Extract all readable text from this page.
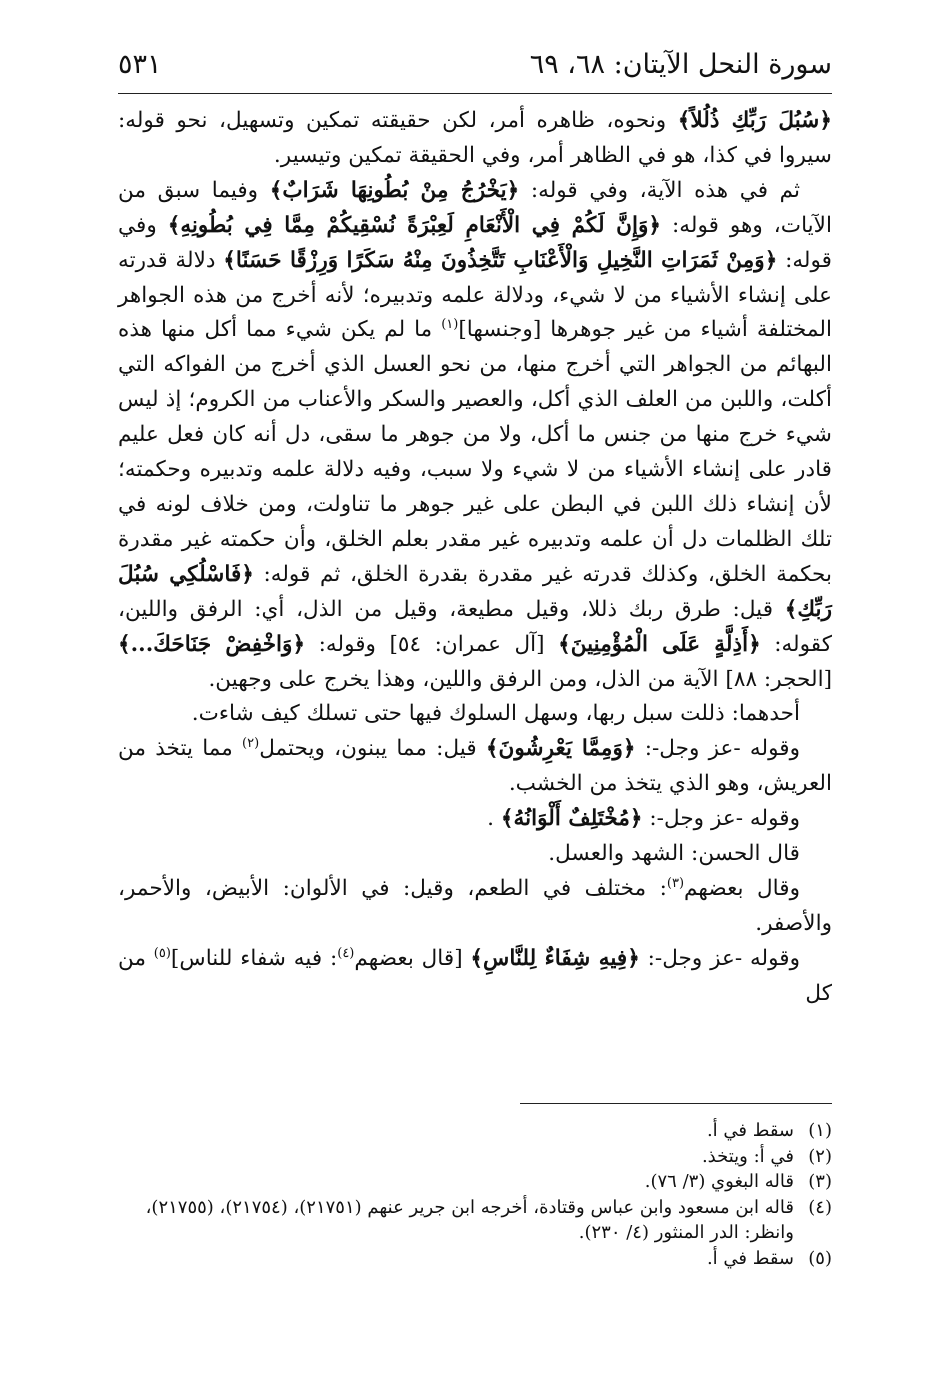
سورة النحل الآيتان: ٦٨، ٦٩
٥٣١

﴿سُبُلَ رَبِّكِ ذُلُلاً﴾ ونحوه، ظاهره أمر، لكن حقيقته تمكين وتسهيل، نحو قوله: سيروا في كذا، هو في الظاهر أمر، وفي الحقيقة تمكين وتيسير.

ثم في هذه الآية، وفي قوله: ﴿يَخْرُجُ مِنْ بُطُونِهَا شَرَابٌ﴾ وفيما سبق من الآيات، وهو قوله: ﴿وَإِنَّ لَكُمْ فِي الْأَنْعَامِ لَعِبْرَةً نُسْقِيكُمْ مِمَّا فِي بُطُونِهِ﴾ وفي قوله: ﴿وَمِنْ ثَمَرَاتِ النَّخِيلِ وَالْأَعْنَابِ تَتَّخِذُونَ مِنْهُ سَكَرًا وَرِزْقًا حَسَنًا﴾ دلالة قدرته على إنشاء الأشياء من لا شيء، ودلالة علمه وتدبيره؛ لأنه أخرج من هذه الجواهر المختلفة أشياء من غير جوهرها [وجنسها]$^{(١)}$ ما لم يكن شيء مما أكل منها هذه البهائم من الجواهر التي أخرج منها، من نحو العسل الذي أخرج من الفواكه التي أكلت، واللبن من العلف الذي أكل، والعصير والسكر والأعناب من الكروم؛ إذ ليس شيء خرج منها من جنس ما أكل، ولا من جوهر ما سقى، دل أنه كان فعل عليم قادر على إنشاء الأشياء من لا شيء ولا سبب، وفيه دلالة علمه وتدبيره وحكمته؛ لأن إنشاء ذلك اللبن في البطن على غير جوهر ما تناولت، ومن خلاف لونه في تلك الظلمات دل أن علمه وتدبيره غير مقدر بعلم الخلق، وأن حكمته غير مقدرة بحكمة الخلق، وكذلك قدرته غير مقدرة بقدرة الخلق، ثم قوله: ﴿فَاسْلُكِي سُبُلَ رَبِّكِ﴾ قيل: طرق ربك ذللا، وقيل مطيعة، وقيل من الذل، أي: الرفق واللين، كقوله: ﴿أَذِلَّةٍ عَلَى الْمُؤْمِنِينَ﴾ [آل عمران: ٥٤] وقوله: ﴿وَاخْفِضْ جَنَاحَكَ...﴾ [الحجر: ٨٨] الآية من الذل، ومن الرفق واللين، وهذا يخرج على وجهين.

أحدهما: ذللت سبل ربها، وسهل السلوك فيها حتى تسلك كيف شاءت.

وقوله -عز وجل-: ﴿وَمِمَّا يَعْرِشُونَ﴾ قيل: مما يبنون، ويحتمل$^{(٢)}$ مما يتخذ من العريش، وهو الذي يتخذ من الخشب.

وقوله -عز وجل-: ﴿مُخْتَلِفٌ أَلْوَانُهُ﴾ .

قال الحسن: الشهد والعسل.

وقال بعضهم$^{(٣)}$: مختلف في الطعم، وقيل: في الألوان: الأبيض، والأحمر، والأصفر.

وقوله -عز وجل-: ﴿فِيهِ شِفَاءٌ لِلنَّاسِ﴾ [قال بعضهم$^{(٤)}$: فيه شفاء للناس]$^{(٥)}$ من كل

(١)
سقط في أ.
(٢)
في أ: ويتخذ.
(٣)
قاله البغوي (٣/ ٧٦).
(٤)
قاله ابن مسعود وابن عباس وقتادة، أخرجه ابن جرير عنهم (٢١٧٥١)، (٢١٧٥٤)، (٢١٧٥٥)، وانظر: الدر المنثور (٤/ ٢٣٠).
(٥)
سقط في أ.
